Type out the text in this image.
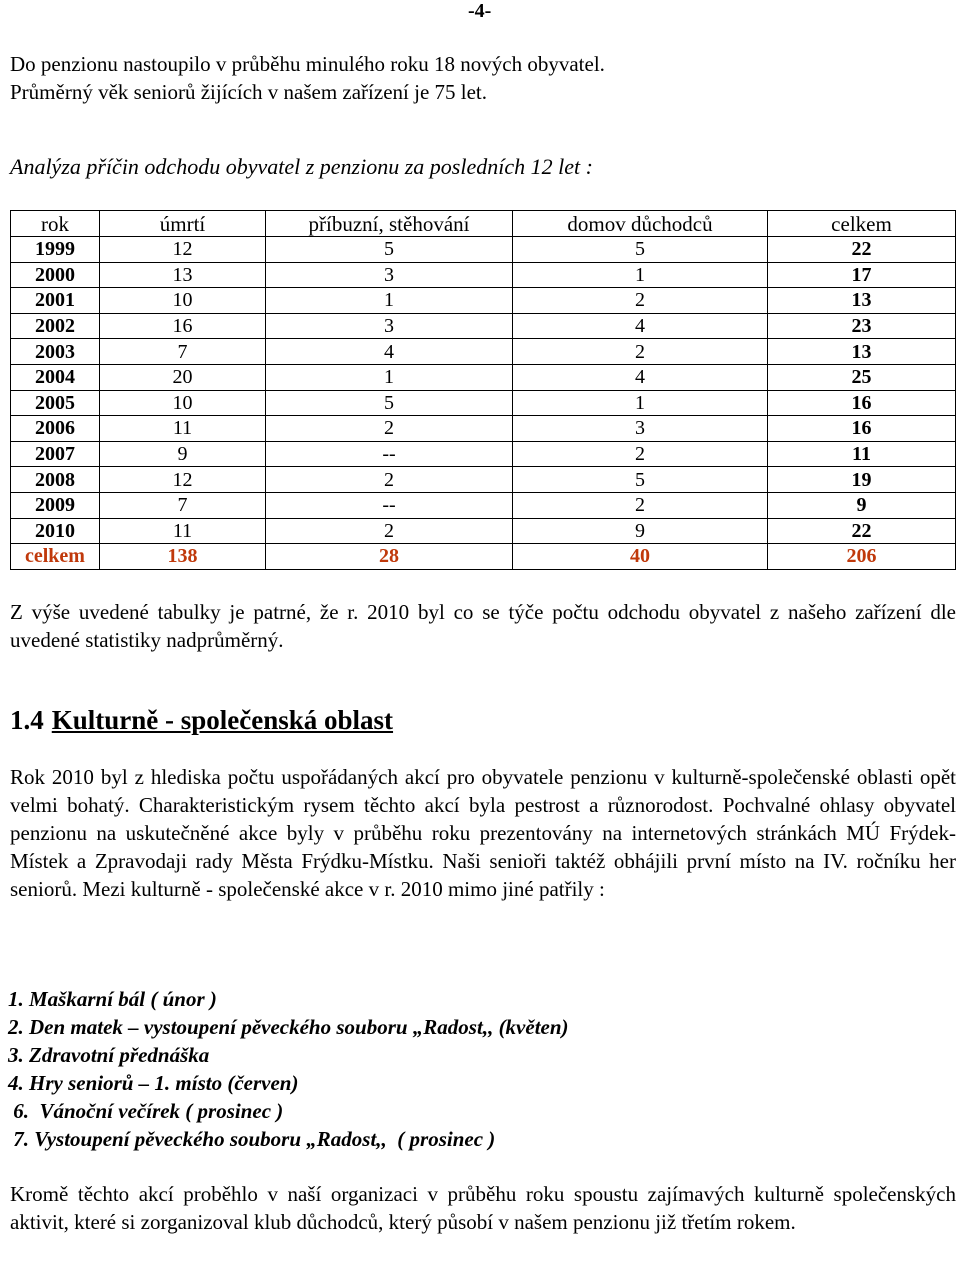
-4-
Do penzionu nastoupilo v průběhu minulého roku 18 nových obyvatel.
Průměrný věk seniorů žijících v našem zařízení je 75 let.
Analýza příčin odchodu obyvatel z penzionu za posledních 12 let :
rok	úmrtí	příbuzní, stěhování	domov důchodců	celkem
1999	12	5	5	22
2000	13	3	1	17
2001	10	1	2	13
2002	16	3	4	23
2003	7	4	2	13
2004	20	1	4	25
2005	10	5	1	16
2006	11	2	3	16
2007	9	--	2	11
2008	12	2	5	19
2009	7	--	2	9
2010	11	2	9	22
celkem	138	28	40	206
Z výše uvedené tabulky je patrné, že r. 2010 byl co se týče počtu odchodu obyvatel z našeho zařízení dle uvedené statistiky nadprůměrný.
1.4 Kulturně - společenská oblast
Rok 2010 byl z hlediska počtu uspořádaných akcí pro obyvatele penzionu v kulturně-společenské oblasti opět velmi bohatý. Charakteristickým rysem těchto akcí byla pestrost a různorodost. Pochvalné ohlasy obyvatel penzionu na uskutečněné akce byly v průběhu roku prezentovány na internetových stránkách MÚ Frýdek-Místek a Zpravodaji rady Města Frýdku-Místku. Naši senioři taktéž obhájili první místo na IV. ročníku her seniorů. Mezi kulturně - společenské akce v r. 2010 mimo jiné patřily :
1. Maškarní bál ( únor )
2. Den matek – vystoupení pěveckého souboru „Radost,, (květen)
3. Zdravotní přednáška
4. Hry seniorů – 1. místo (červen)
6.  Vánoční večírek ( prosinec )
7. Vystoupení pěveckého souboru „Radost,,  ( prosinec )
Kromě těchto akcí proběhlo v naší organizaci v průběhu roku spoustu zajímavých kulturně společenských aktivit, které si zorganizoval klub důchodců, který působí v našem penzionu již třetím rokem.
